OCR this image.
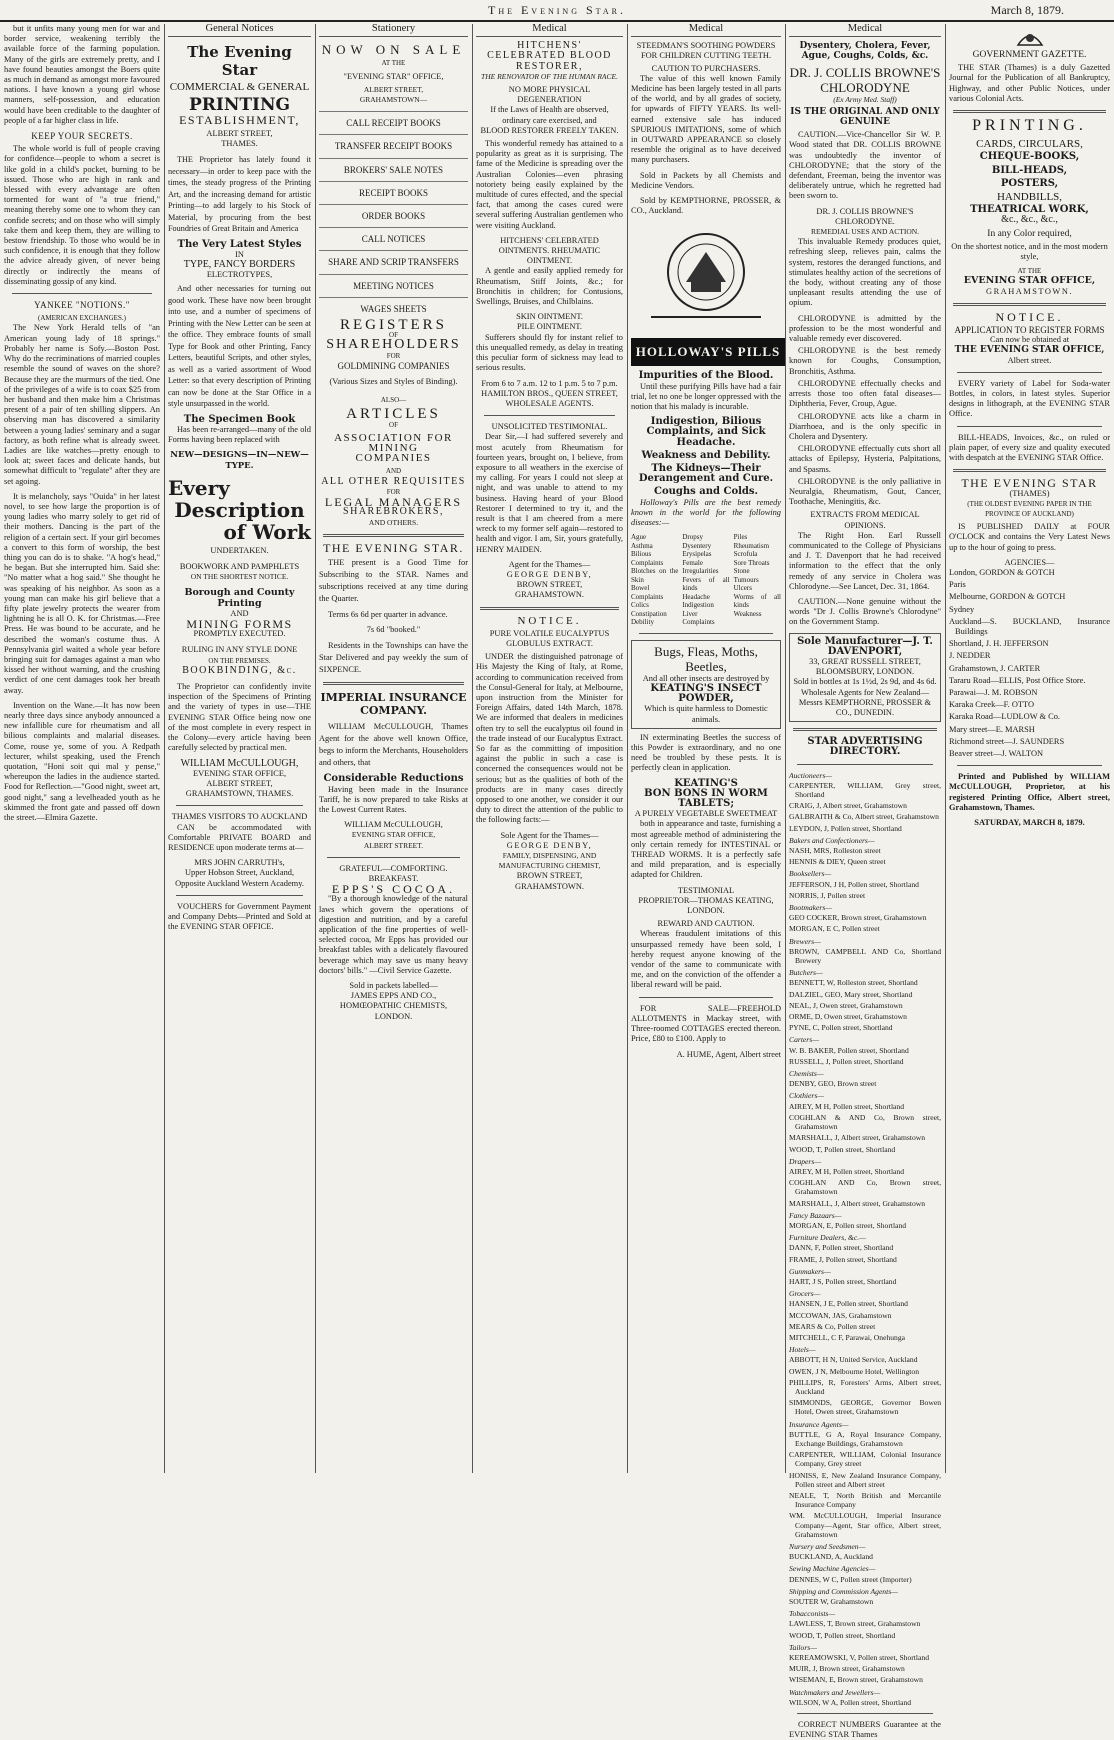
The Evening Star.	March 8, 1879.

but it unfits many young men for war and border service, weakening terribly the available force of the farming population. Many of the girls are extremely pretty, and I have found beauties amongst the Boers quite as much in demand as amongst more favoured nations. I have known a young girl whose manners, self-possession, and education would have been creditable to the daughter of people of a far higher class in life.

KEEP YOUR SECRETS.

The whole world is full of people craving for confidence—people to whom a secret is like gold in a child's pocket, burning to be issued. Those who are high in rank and blessed with every advantage are often tormented for want of "a true friend," meaning thereby some one to whom they can confide secrets; and on those who will simply take them and keep them, they are willing to bestow friendship. To those who would be in such confidence, it is enough that they follow the advice already given, of never being directly or indirectly the means of disseminating gossip of any kind.

YANKEE "NOTIONS."
(AMERICAN EXCHANGES.)

The New York Herald tells of "an American young lady of 18 springs." Probably her name is Sofy.—Boston Post. Why do the recriminations of married couples resemble the sound of waves on the shore? Because they are the murmurs of the tied. One of the privileges of a wife is to coax $25 from her husband and then make him a Christmas present of a pair of ten shilling slippers. An observing man has discovered a similarity between a young ladies' seminary and a sugar factory, as both refine what is already sweet. Ladies are like watches—pretty enough to look at; sweet faces and delicate hands, but somewhat difficult to "regulate" after they are set agoing.

It is melancholy, says "Ouida" in her latest novel, to see how large the proportion is of young ladies who marry solely to get rid of their mothers. Dancing is the part of the religion of a certain sect. If your girl becomes a convert to this form of worship, the best thing you can do is to shake. "A hog's head," he began. But she interrupted him. Said she: "No matter what a hog said." She thought he was speaking of his neighbor. As soon as a young man can make his girl believe that a fifty plate jewelry protects the wearer from lightning he is all O. K. for Christmas.—Free Press. He was bound to be accurate, and he described the woman's costume thus. A Pennsylvania girl waited a whole year before bringing suit for damages against a man who kissed her without warning, and the crushing verdict of one cent damages took her breath away.

Invention on the Wane.—It has now been nearly three days since anybody announced a new infallible cure for rheumatism and all bilious complaints and malarial diseases. Come, rouse ye, some of you. A Redpath lecturer, whilst speaking, used the French quotation, "Honi soit qui mal y pense," whereupon the ladies in the audience started. Food for Reflection.—"Good night, sweet art, good night," sang a levelheaded youth as he skimmed the front gate and passed off down the street.—Elmira Gazette.

General Notices
The Evening Star
COMMERCIAL & GENERAL
PRINTING
ESTABLISHMENT,
ALBERT STREET,
THAMES.

THE Proprietor has lately found it necessary—in order to keep pace with the times, the steady progress of the Printing Art, and the increasing demand for artistic Printing—to add largely to his Stock of Material, by procuring from the best Foundries of Great Britain and America

The Very Latest Styles
IN
TYPE, FANCY BORDERS
ELECTROTYPES,

And other necessaries for turning out good work. These have now been brought into use, and a number of specimens of Printing with the New Letter can be seen at the office. They embrace founts of small Type for Book and other Printing, Fancy Letters, beautiful Scripts, and other styles, as well as a varied assortment of Wood Letter: so that every description of Printing can now be done at the Star Office in a style unsurpassed in the world.

The Specimen Book

Has been re-arranged—many of the old Forms having been replaced with

NEW—DESIGNS—IN—NEW—TYPE.
Every
Description
of Work
UNDERTAKEN.
BOOKWORK AND PAMPHLETS
ON THE SHORTEST NOTICE.
Borough and County Printing
AND
MINING FORMS
PROMPTLY EXECUTED.
RULING IN ANY STYLE DONE
ON THE PREMISES.
BOOKBINDING, &c.

The Proprietor can confidently invite inspection of the Specimens of Printing and the variety of types in use—THE EVENING STAR Office being now one of the most complete in every respect in the Colony—every article having been carefully selected by practical men.

WILLIAM McCULLOUGH,
EVENING STAR OFFICE,
ALBERT STREET,
GRAHAMSTOWN, THAMES.
THAMES VISITORS TO AUCKLAND

CAN be accommodated with Comfortable PRIVATE BOARD and RESIDENCE upon moderate terms at—

MRS JOHN CARRUTH's,
Upper Hobson Street, Auckland,
Opposite Auckland Western Academy.

VOUCHERS for Government Payment and Company Debts—Printed and Sold at the EVENING STAR OFFICE.

Stationery
NOW ON SALE
AT THE
"EVENING STAR" OFFICE,
ALBERT STREET,
GRAHAMSTOWN—
CALL RECEIPT BOOKS
TRANSFER RECEIPT BOOKS
BROKERS' SALE NOTES
RECEIPT BOOKS
ORDER BOOKS
CALL NOTICES
SHARE AND SCRIP TRANSFERS
MEETING NOTICES
WAGES SHEETS
REGISTERS
OF
SHAREHOLDERS
FOR
GOLDMINING COMPANIES
(Various Sizes and Styles of Binding).
ALSO—
ARTICLES
OF
ASSOCIATION FOR MINING
COMPANIES
AND
ALL OTHER REQUISITES
FOR
LEGAL MANAGERS
SHAREBROKERS,
AND OTHERS.
THE EVENING STAR.

THE present is a Good Time for Subscribing to the STAR. Names and subscriptions received at any time during the Quarter.

Terms 6s 6d per quarter in advance.

7s 6d "booked."

Residents in the Townships can have the Star Delivered and pay weekly the sum of SIXPENCE.

IMPERIAL INSURANCE COMPANY.

WILLIAM McCULLOUGH, Thames Agent for the above well known Office, begs to inform the Merchants, Householders and others, that

Considerable Reductions

Having been made in the Insurance Tariff, he is now prepared to take Risks at the Lowest Current Rates.

WILLIAM McCULLOUGH,
EVENING STAR OFFICE,
ALBERT STREET.
GRATEFUL—COMFORTING.
BREAKFAST.
EPPS'S COCOA.

"By a thorough knowledge of the natural laws which govern the operations of digestion and nutrition, and by a careful application of the fine properties of well-selected cocoa, Mr Epps has provided our breakfast tables with a delicately flavoured beverage which may save us many heavy doctors' bills." —Civil Service Gazette.

Sold in packets labelled—
JAMES EPPS AND CO.,
HOMŒOPATHIC CHEMISTS,
LONDON.
Medical
HITCHENS' CELEBRATED BLOOD RESTORER,
THE RENOVATOR OF THE HUMAN RACE.
NO MORE PHYSICAL DEGENERATION
If the Laws of Health are observed, ordinary care exercised, and
BLOOD RESTORER FREELY TAKEN.

This wonderful remedy has attained to a popularity as great as it is surprising. The fame of the Medicine is spreading over the Australian Colonies—even phrasing notoriety being easily explained by the multitude of cures effected, and the special fact, that among the cases cured were several suffering Australian gentlemen who were visiting Auckland.

HITCHENS' CELEBRATED OINTMENTS. RHEUMATIC OINTMENT.

A gentle and easily applied remedy for Rheumatism, Stiff Joints, &c.; for Bronchitis in children; for Contusions, Swellings, Bruises, and Chilblains.

SKIN OINTMENT.
PILE OINTMENT.

Sufferers should fly for instant relief to this unequalled remedy, as delay in treating this peculiar form of sickness may lead to serious results.

From 6 to 7 a.m. 12 to 1 p.m. 5 to 7 p.m.
HAMILTON BROS., QUEEN STREET, WHOLESALE AGENTS.
UNSOLICITED TESTIMONIAL.

Dear Sir,—I had suffered severely and most acutely from Rheumatism for fourteen years, brought on, I believe, from exposure to all weathers in the exercise of my calling. For years I could not sleep at night, and was unable to attend to my business. Having heard of your Blood Restorer I determined to try it, and the result is that I am cheered from a mere wreck to my former self again—restored to health and vigor. I am, Sir, yours gratefully, HENRY MAIDEN.

Agent for the Thames—
GEORGE DENBY,
BROWN STREET,
GRAHAMSTOWN.
NOTICE.
PURE VOLATILE EUCALYPTUS GLOBULUS EXTRACT.

UNDER the distinguished patronage of His Majesty the King of Italy, at Rome, according to communication received from the Consul-General for Italy, at Melbourne, upon instruction from the Minister for Foreign Affairs, dated 14th March, 1878. We are informed that dealers in medicines often try to sell the eucalyptus oil found in the trade instead of our Eucalyptus Extract. So far as the committing of imposition against the public in such a case is concerned the consequences would not be serious; but as the qualities of both of the products are in many cases directly opposed to one another, we consider it our duty to direct the attention of the public to the following facts:—

Sole Agent for the Thames—
GEORGE DENBY,
FAMILY, DISPENSING, AND MANUFACTURING CHEMIST,
BROWN STREET,
GRAHAMSTOWN.
Medical
STEEDMAN'S SOOTHING POWDERS FOR CHILDREN CUTTING TEETH.
CAUTION TO PURCHASERS.

The value of this well known Family Medicine has been largely tested in all parts of the world, and by all grades of society, for upwards of FIFTY YEARS. Its well-earned extensive sale has induced SPURIOUS IMITATIONS, some of which in OUTWARD APPEARANCE so closely resemble the original as to have deceived many purchasers.

Sold in Packets by all Chemists and Medicine Vendors.

Sold by KEMPTHORNE, PROSSER, & CO., Auckland.

HOLLOWAY'S PILLS
Impurities of the Blood.

Until these purifying Pills have had a fair trial, let no one be longer oppressed with the notion that his malady is incurable.

Indigestion, Bilious Complaints, and Sick Headache.
Weakness and Debility.
The Kidneys—Their Derangement and Cure.
Coughs and Colds.

Holloway's Pills are the best remedy known in the world for the following diseases:—

Ague
Asthma
Bilious Complaints
Blotches on the Skin
Bowel Complaints
Colics
Constipation
Debility
Dropsy
Dysentery
Erysipelas
Female Irregularities
Fevers of all kinds
Headache
Indigestion
Liver Complaints
Piles
Rheumatism
Scrofula
Sore Throats
Stone
Tumours
Ulcers
Worms of all kinds
Weakness
Bugs, Fleas, Moths, Beetles,
And all other insects are destroyed by
KEATING'S INSECT POWDER,
Which is quite harmless to Domestic animals.

IN exterminating Beetles the success of this Powder is extraordinary, and no one need be troubled by these pests. It is perfectly clean in application.

KEATING'S
BON BONS IN WORM TABLETS;
A PURELY VEGETABLE SWEETMEAT

both in appearance and taste, furnishing a most agreeable method of administering the only certain remedy for INTESTINAL or THREAD WORMS. It is a perfectly safe and mild preparation, and is especially adapted for Children.

TESTIMONIAL
PROPRIETOR—THOMAS KEATING, LONDON.
REWARD AND CAUTION.

Whereas fraudulent imitations of this unsurpassed remedy have been sold, I hereby request anyone knowing of the vendor of the same to communicate with me, and on the conviction of the offender a liberal reward will be paid.

FOR SALE—FREEHOLD ALLOTMENTS in Mackay street, with Three-roomed COTTAGES erected thereon. Price, £80 to £100. Apply to

A. HUME, Agent, Albert street
Medical
Dysentery, Cholera, Fever, Ague, Coughs, Colds, &c.
DR. J. COLLIS BROWNE'S CHLORODYNE
(Ex Army Med. Staff)
IS THE ORIGINAL AND ONLY GENUINE

CAUTION.—Vice-Chancellor Sir W. P. Wood stated that DR. COLLIS BROWNE was undoubtedly the inventor of CHLORODYNE; that the story of the defendant, Freeman, being the inventor was deliberately untrue, which he regretted had been sworn to.

DR. J. COLLIS BROWNE'S CHLORODYNE.
REMEDIAL USES AND ACTION.

This invaluable Remedy produces quiet, refreshing sleep, relieves pain, calms the system, restores the deranged functions, and stimulates healthy action of the secretions of the body, without creating any of those unpleasant results attending the use of opium.

CHLORODYNE is admitted by the profession to be the most wonderful and valuable remedy ever discovered.

CHLORODYNE is the best remedy known for Coughs, Consumption, Bronchitis, Asthma.

CHLORODYNE effectually checks and arrests those too often fatal diseases—Diphtheria, Fever, Croup, Ague.

CHLORODYNE acts like a charm in Diarrhoea, and is the only specific in Cholera and Dysentery.

CHLORODYNE effectually cuts short all attacks of Epilepsy, Hysteria, Palpitations, and Spasms.

CHLORODYNE is the only palliative in Neuralgia, Rheumatism, Gout, Cancer, Toothache, Meningitis, &c.

EXTRACTS FROM MEDICAL OPINIONS.

The Right Hon. Earl Russell communicated to the College of Physicians and J. T. Davenport that he had received information to the effect that the only remedy of any service in Cholera was Chlorodyne.—See Lancet, Dec. 31, 1864.

CAUTION.—None genuine without the words "Dr J. Collis Browne's Chlorodyne" on the Government Stamp.

Sole Manufacturer—J. T. DAVENPORT,
33, GREAT RUSSELL STREET, BLOOMSBURY, LONDON.
Sold in bottles at 1s 1½d, 2s 9d, and 4s 6d.
Wholesale Agents for New Zealand—Messrs KEMPTHORNE, PROSSER & CO., DUNEDIN.
STAR ADVERTISING DIRECTORY.
Auctioneers—
CARPENTER, WILLIAM, Grey street, Shortland
CRAIG, J, Albert street, Grahamstown
GALBRAITH & Co, Albert street, Grahamstown
LEYDON, J, Pollen street, Shortland
Bakers and Confectioners—
NASH, MRS, Rolleston street
HENNIS & DIEY, Queen street
Booksellers—
JEFFERSON, J H, Pollen street, Shortland
NORRIS, J, Pollen street
Bootmakers—
GEO COCKER, Brown street, Grahamstown
MORGAN, E C, Pollen street
Brewers—
BROWN, CAMPBELL AND Co, Shortland Brewery
Butchers—
BENNETT, W, Rolleston street, Shortland
DALZIEL, GEO, Mary street, Shortland
NEAL, J, Owen street, Grahamstown
ORME, D, Owen street, Grahamstown
PYNE, C, Pollen street, Shortland
Carters—
W. B. BAKER, Pollen street, Shortland
RUSSELL, J, Pollen street, Shortland
Chemists—
DENBY, GEO, Brown street
Clothiers—
AIREY, M H, Pollen street, Shortland
COGHLAN & AND Co, Brown street, Grahamstown
MARSHALL, J, Albert street, Grahamstown
WOOD, T, Pollen street, Shortland
Drapers—
AIREY, M H, Pollen street, Shortland
COGHLAN AND Co, Brown street, Grahamstown
MARSHALL, J, Albert street, Grahamstown
Fancy Bazaars—
MORGAN, E, Pollen street, Shortland
Furniture Dealers, &c.—
DANN, F, Pollen street, Shortland
FRAME, J, Pollen street, Shortland
Gunmakers—
HART, J S, Pollen street, Shortland
Grocers—
HANSEN, J E, Pollen street, Shortland
MCCOWAN, JAS, Grahamstown
MEARS & Co, Pollen street
MITCHELL, C F, Parawai, Onehunga
Hotels—
ABBOTT, H N, United Service, Auckland
OWEN, J N, Melbourne Hotel, Wellington
PHILLIPS, R, Foresters' Arms, Albert street, Auckland
SIMMONDS, GEORGE, Governor Bowen Hotel, Owen street, Grahamstown
Insurance Agents—
BUTTLE, G A, Royal Insurance Company, Exchange Buildings, Grahamstown
CARPENTER, WILLIAM, Colonial Insurance Company, Grey street
HONISS, E, New Zealand Insurance Company, Pollen street and Albert street
NEALE, T, North British and Mercantile Insurance Company
WM. McCULLOUGH, Imperial Insurance Company—Agent, Star office, Albert street, Grahamstown
Nursery and Seedsmen—
BUCKLAND, A, Auckland
Sewing Machine Agencies—
DENNES, W C, Pollen street (Importer)
Shipping and Commission Agents—
SOUTER W, Grahamstown
Tobacconists—
LAWLESS, T, Brown street, Grahamstown
WOOD, T, Pollen street, Shortland
Tailors—
KEREAMOWSKI, V, Pollen street, Shortland
MUIR, J, Brown street, Grahamstown
WISEMAN, E, Brown street, Grahamstown
Watchmakers and Jewellers—
WILSON, W A, Pollen street, Shortland

CORRECT NUMBERS Guarantee at the EVENING STAR Thames

GOVERNMENT GAZETTE.

THE STAR (Thames) is a duly Gazetted Journal for the Publication of all Bankruptcy, Highway, and other Public Notices, under various Colonial Acts.

PRINTING.
CARDS, CIRCULARS,
CHEQUE-BOOKS,
BILL-HEADS,
POSTERS,
HANDBILLS,
THEATRICAL WORK,
&c., &c., &c.,
In any Color required,
On the shortest notice, and in the most modern style,
AT THE
EVENING STAR OFFICE,
GRAHAMSTOWN.
NOTICE.
APPLICATION TO REGISTER FORMS
Can now be obtained at
THE EVENING STAR OFFICE,
Albert street.

EVERY variety of Label for Soda-water Bottles, in colors, in latest styles. Superior designs in lithograph, at the EVENING STAR Office.

BILL-HEADS, Invoices, &c., on ruled or plain paper, of every size and quality executed with despatch at the EVENING STAR Office.

THE EVENING STAR
(THAMES)
(THE OLDEST EVENING PAPER IN THE PROVINCE OF AUCKLAND)

IS PUBLISHED DAILY at FOUR O'CLOCK and contains the Very Latest News up to the hour of going to press.

AGENCIES—
London, GORDON & GOTCH
Paris
Melbourne, GORDON & GOTCH
Sydney
Auckland—S. BUCKLAND, Insurance Buildings
Shortland, J. H. JEFFERSON
J. NEDDER
Grahamstown, J. CARTER
Tararu Road—ELLIS, Post Office Store.
Parawai—J. M. ROBSON
Karaka Creek—F. OTTO
Karaka Road—LUDLOW & Co.
Mary street—E. MARSH
Richmond street—J. SAUNDERS
Beaver street—J. WALTON

Printed and Published by WILLIAM McCULLOUGH, Proprietor, at his registered Printing Office, Albert street, Grahamstown, Thames.

SATURDAY, MARCH 8, 1879.
